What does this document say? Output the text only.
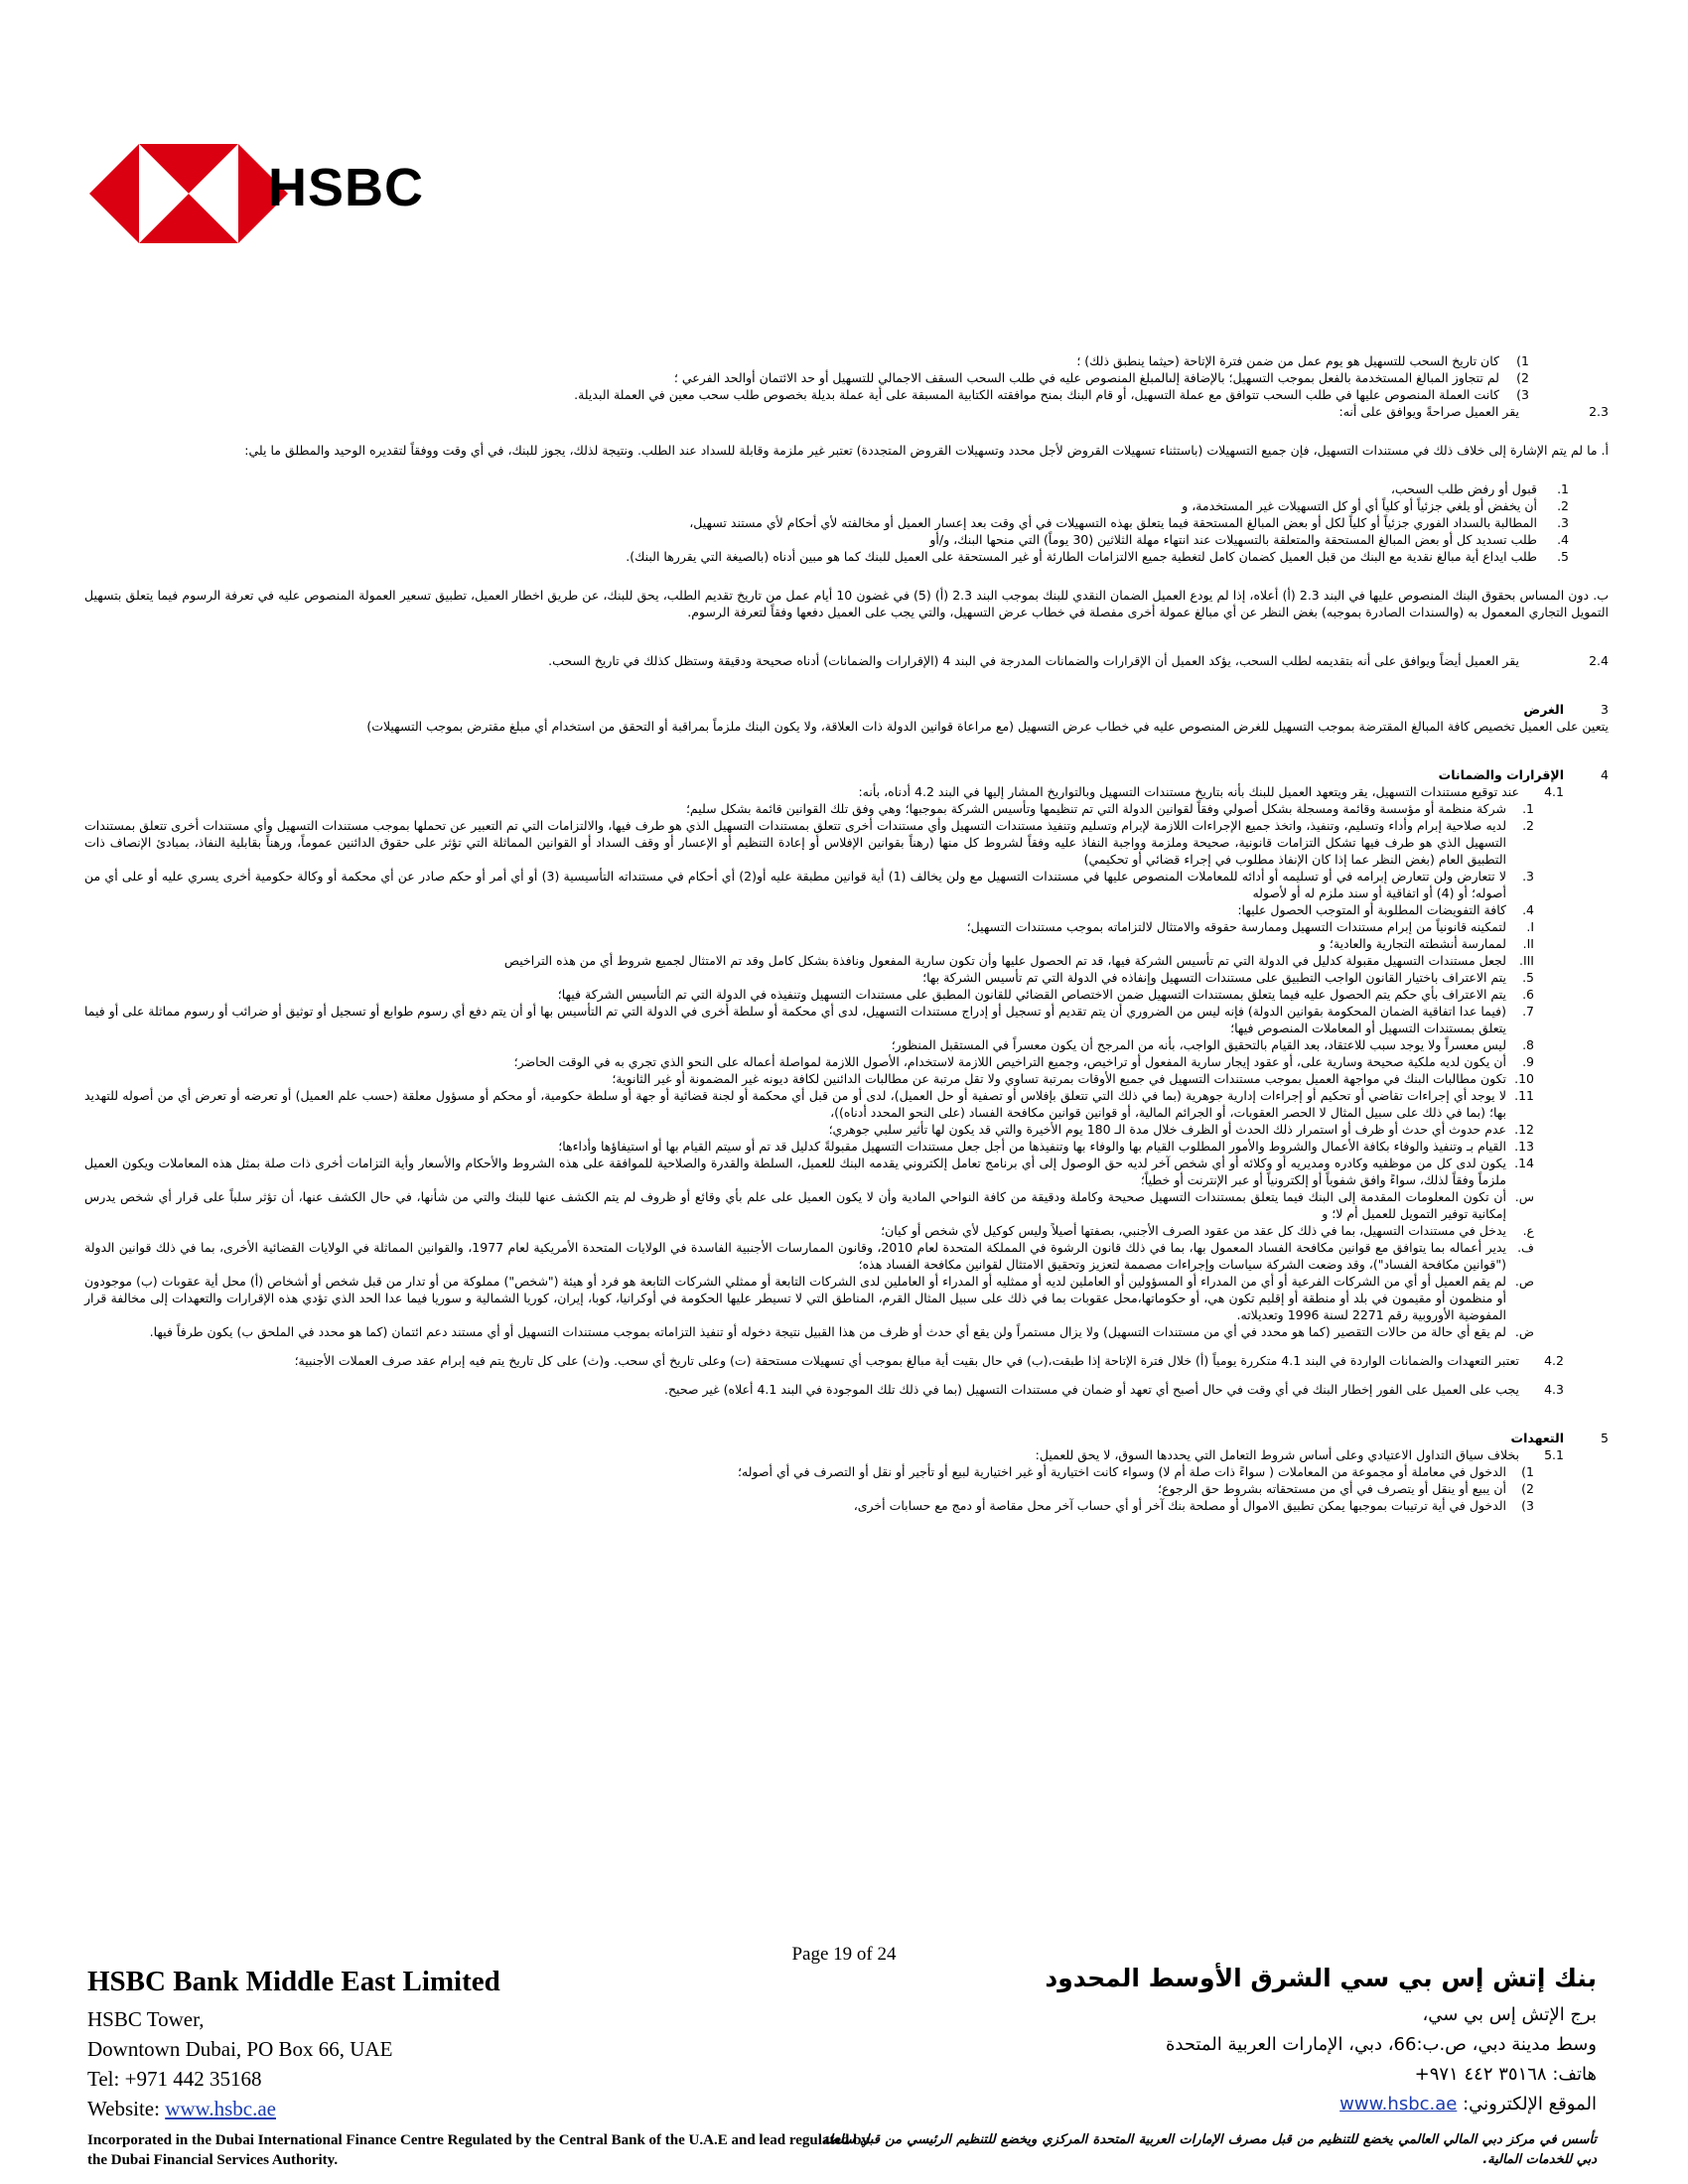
HSBC
1)
كان تاريخ السحب للتسهيل هو يوم عمل من ضمن فترة الإتاحة (حيثما ينطبق ذلك) ؛
2)
لم تتجاوز المبالغ المستخدمة بالفعل بموجب التسهيل؛ بالإضافة إلىالمبلغ المنصوص عليه في طلب السحب السقف الاجمالي للتسهيل أو حد الائتمان أوالحد الفرعي ؛
3)
كانت العملة المنصوص عليها في طلب السحب تتوافق مع عملة التسهيل، أو قام البنك بمنح موافقته الكتابية المسبقة على أية عملة بديلة بخصوص طلب سحب معين في العملة البديلة.
2.3
يقر العميل صراحةً ويوافق على أنه:
أ. ما لم يتم الإشارة إلى خلاف ذلك في مستندات التسهيل، فإن جميع التسهيلات (باستثناء تسهيلات القروض لأجل محدد وتسهيلات القروض المتجددة) تعتبر غير ملزمة وقابلة للسداد عند الطلب. ونتيجة لذلك، يجوز للبنك، في أي وقت ووفقاً لتقديره الوحيد والمطلق ما يلي:
1.
قبول أو رفض طلب السحب،
2.
أن يخفض أو يلغي جزئياً أو كلياً أي أو كل التسهيلات غير المستخدمة، و
3.
المطالبة بالسداد الفوري جزئياً أو كلياً لكل أو بعض المبالغ المستحقة فيما يتعلق بهذه التسهيلات في أي وقت بعد إعسار العميل أو مخالفته لأي أحكام لأي مستند تسهيل،
4.
طلب تسديد كل أو بعض المبالغ المستحقة والمتعلقة بالتسهيلات عند انتهاء مهلة الثلاثين (30 يوماً) التي منحها البنك، و/أو
5.
طلب ايداع أية مبالغ نقدية مع البنك من قبل العميل كضمان كامل لتغطية جميع الالتزامات الطارئة أو غير المستحقة على العميل للبنك كما هو مبين أدناه (بالصيغة التي يقررها البنك).
ب. دون المساس بحقوق البنك المنصوص عليها في البند 2.3 (أ) أعلاه، إذا لم يودع العميل الضمان النقدي للبنك بموجب البند 2.3 (أ) (5) في غضون 10 أيام عمل من تاريخ تقديم الطلب، يحق للبنك، عن طريق اخطار العميل، تطبيق تسعير العمولة المنصوص عليه في تعرفة الرسوم فيما يتعلق بتسهيل التمويل التجاري المعمول به (والسندات الصادرة بموجبه) بغض النظر عن أي مبالغ عمولة أخرى مفصلة في خطاب عرض التسهيل، والتي يجب على العميل دفعها وفقاً لتعرفة الرسوم.
2.4
يقر العميل أيضاً ويوافق على أنه بتقديمه لطلب السحب، يؤكد العميل أن الإقرارات والضمانات المدرجة في البند 4 (الإقرارات والضمانات) أدناه صحيحة ودقيقة وستظل كذلك في تاريخ السحب.
3
الغرض
يتعين على العميل تخصيص كافة المبالغ المقترضة بموجب التسهيل للغرض المنصوص عليه في خطاب عرض التسهيل (مع مراعاة قوانين الدولة ذات العلاقة، ولا يكون البنك ملزماً بمراقبة أو التحقق من استخدام أي مبلغ مقترض بموجب التسهيلات)
4
الإقرارات والضمانات
4.1
عند توقيع مستندات التسهيل، يقر ويتعهد العميل للبنك بأنه بتاريخ مستندات التسهيل وبالتواريخ المشار إليها في البند 4.2 أدناه، بأنه:
1.
شركة منظمة أو مؤسسة وقائمة ومسجلة بشكل أصولي وفقاً لقوانين الدولة التي تم تنظيمها وتأسيس الشركة بموجبها؛ وهي وفق تلك القوانين قائمة بشكل سليم؛
2.
لديه صلاحية إبرام وأداء وتسليم، وتنفيذ، واتخذ جميع الإجراءات اللازمة لإبرام وتسليم وتنفيذ مستندات التسهيل وأي مستندات أخرى تتعلق بمستندات التسهيل الذي هو طرف فيها، والالتزامات التي تم التعبير عن تحملها بموجب مستندات التسهيل وأي مستندات أخرى تتعلق بمستندات التسهيل الذي هو طرف فيها تشكل التزامات قانونية، صحيحة وملزمة وواجبة النفاذ عليه وفقاً لشروط كل منها (رهناً بقوانين الإفلاس أو إعادة التنظيم أو الإعسار أو وقف السداد أو القوانين المماثلة التي تؤثر على حقوق الدائنين عموماً، ورهناً بقابلية النفاذ، بمبادئ الإنصاف ذات التطبيق العام (بغض النظر عما إذا كان الإنفاذ مطلوب في إجراء قضائي أو تحكيمي)
3.
لا تتعارض ولن تتعارض إبرامه في أو تسليمه أو أدائه للمعاملات المنصوص عليها في مستندات التسهيل مع ولن يخالف (1) أية قوانين مطبقة عليه أو(2) أي أحكام في مستنداته التأسيسية (3) أو أي أمر أو حكم صادر عن أي محكمة أو وكالة حكومية أخرى يسري عليه أو على أي من أصوله؛ أو (4) أو اتفاقية أو سند ملزم له أو لأصوله
4.
كافة التفويضات المطلوبة أو المتوجب الحصول عليها:
I.
لتمكينه قانونياً من إبرام مستندات التسهيل وممارسة حقوقه والامتثال لالتزاماته بموجب مستندات التسهيل؛
II.
لممارسة أنشطته التجارية والعادية؛ و
III.
لجعل مستندات التسهيل مقبولة كدليل في الدولة التي تم تأسيس الشركة فيها، قد تم الحصول عليها وأن تكون سارية المفعول ونافذة بشكل كامل وقد تم الامتثال لجميع شروط أي من هذه التراخيص
5.
يتم الاعتراف باختيار القانون الواجب التطبيق على مستندات التسهيل وإنفاذه في الدولة التي تم تأسيس الشركة بها؛
6.
يتم الاعتراف بأي حكم يتم الحصول عليه فيما يتعلق بمستندات التسهيل ضمن الاختصاص القضائي للقانون المطبق على مستندات التسهيل وتنفيذه في الدولة التي تم التأسيس الشركة فيها؛
7.
(فيما عدا اتفاقية الضمان المحكومة بقوانين الدولة) فإنه ليس من الضروري أن يتم تقديم أو تسجيل أو إدراج مستندات التسهيل، لدى أي محكمة أو سلطة أخرى في الدولة التي تم التأسيس بها أو أن يتم دفع أي رسوم طوابع أو تسجيل أو توثيق أو ضرائب أو رسوم مماثلة على أو فيما يتعلق بمستندات التسهيل أو المعاملات المنصوص فيها؛
8.
ليس معسراً ولا يوجد سبب للاعتقاد، بعد القيام بالتحقيق الواجب، بأنه من المرجح أن يكون معسراً في المستقبل المنظور؛
9.
أن يكون لديه ملكية صحيحة وسارية على، أو عقود إيجار سارية المفعول أو تراخيص، وجميع التراخيص اللازمة لاستخدام، الأصول اللازمة لمواصلة أعماله على النحو الذي تجري به في الوقت الحاضر؛
10.
تكون مطالبات البنك في مواجهة العميل بموجب مستندات التسهيل في جميع الأوقات بمرتبة تساوي ولا تقل مرتبة عن مطالبات الدائنين لكافة ديونه غير المضمونة أو غير الثانوية؛
11.
لا يوجد أي إجراءات تقاضي أو تحكيم أو إجراءات إدارية جوهرية (بما في ذلك التي تتعلق بإفلاس أو تصفية أو حل العميل)، لدى أو من قبل أي محكمة أو لجنة قضائية أو جهة أو سلطة حكومية، أو محكم أو مسؤول معلقة (حسب علم العميل) أو تعرضه أو تعرض أي من أصوله للتهديد بها؛ (بما في ذلك على سبيل المثال لا الحصر العقوبات، أو الجرائم المالية، أو قوانين قوانين مكافحة الفساد (على النحو المحدد أدناه))،
12.
عدم حدوث أي حدث أو ظرف أو استمرار ذلك الحدث أو الظرف خلال مدة الـ 180 يوم الأخيرة والتي قد يكون لها تأثير سلبي جوهري؛
13.
القيام بـ وتنفيذ والوفاء بكافة الأعمال والشروط والأمور المطلوب القيام بها والوفاء بها وتنفيذها من أجل جعل مستندات التسهيل مقبولةً كدليل قد تم أو سيتم القيام بها أو استيفاؤها وأداءها؛
14.
يكون لدى كل من موظفيه وكادره ومديريه أو وكلائه أو أي شخص آخر لديه حق الوصول إلى أي برنامج تعامل إلكتروني يقدمه البنك للعميل، السلطة والقدرة والصلاحية للموافقة على هذه الشروط والأحكام والأسعار وأية التزامات أخرى ذات صلة بمثل هذه المعاملات ويكون العميل ملزماً وفقاً لذلك، سواءً وافق شفوياً أو إلكترونياً أو عبر الإنترنت أو خطياً؛
س.
أن تكون المعلومات المقدمة إلى البنك فيما يتعلق بمستندات التسهيل صحيحة وكاملة ودقيقة من كافة النواحي المادية وأن لا يكون العميل على علم بأي وقائع أو ظروف لم يتم الكشف عنها للبنك والتي من شأنها، في حال الكشف عنها، أن تؤثر سلباً على قرار أي شخص يدرس إمكانية توفير التمويل للعميل أم لا؛ و
ع.
يدخل في مستندات التسهيل، بما في ذلك كل عقد من عقود الصرف الأجنبي، بصفتها أصيلاً وليس كوكيل لأي شخص أو كيان؛
ف.
يدير أعماله بما يتوافق مع قوانين مكافحة الفساد المعمول بها، بما في ذلك قانون الرشوة في المملكة المتحدة لعام 2010، وقانون الممارسات الأجنبية الفاسدة في الولايات المتحدة الأمريكية لعام 1977، والقوانين المماثلة في الولايات القضائية الأخرى، بما في ذلك قوانين الدولة ("قوانين مكافحة الفساد")، وقد وضعت الشركة سياسات وإجراءات مصممة لتعزيز وتحقيق الامتثال لقوانين مكافحة الفساد هذه؛
ص.
لم يقم العميل أو أي من الشركات الفرعية أو أي من المدراء أو المسؤولين أو العاملين لديه أو ممثليه أو المدراء أو العاملين لدى الشركات التابعة أو ممثلي الشركات التابعة هو فرد أو هيئة ("شخص") مملوكة من أو تدار من قبل شخص أو أشخاص (أ) محل أية عقوبات (ب) موجودون أو منظمون أو مقيمون في بلد أو منطقة أو إقليم تكون هي، أو حكوماتها،محل عقوبات بما في ذلك على سبيل المثال القرم، المناطق التي لا تسيطر عليها الحكومة في أوكرانيا، كوبا، إيران، كوريا الشمالية و سوريا فيما عدا الحد الذي تؤدي هذه الإقرارات والتعهدات إلى مخالفة قرار المفوضية الأوروبية رقم 2271 لسنة 1996 وتعديلاته.
ض.
لم يقع أي حالة من حالات التقصير (كما هو محدد في أي من مستندات التسهيل) ولا يزال مستمراً ولن يقع أي حدث أو ظرف من هذا القبيل نتيجة دخوله أو تنفيذ التزاماته بموجب مستندات التسهيل أو أي مستند دعم ائتمان (كما هو محدد في الملحق ب) يكون طرفاً فيها.
4.2
تعتبر التعهدات والضمانات الواردة في البند 4.1 متكررة يومياً (أ) خلال فترة الإتاحة إذا طبقت،(ب) في حال بقيت أية مبالغ بموجب أي تسهيلات مستحقة (ت) وعلى تاريخ أي سحب. و(ث) على كل تاريخ يتم فيه إبرام عقد صرف العملات الأجنبية؛
4.3
يجب على العميل على الفور إخطار البنك في أي وقت في حال أصبح أي تعهد أو ضمان في مستندات التسهيل (بما في ذلك تلك الموجودة في البند 4.1 أعلاه) غير صحيح.
5
التعهدات
5.1
بخلاف سياق التداول الاعتيادي وعلى أساس شروط التعامل التي يحددها السوق، لا يحق للعميل:
1)
الدخول في معاملة أو مجموعة من المعاملات ( سواءً ذات صلة أم لا) وسواء كانت اختيارية أو غير اختيارية لبيع أو تأجير أو نقل أو التصرف في أي أصوله؛
2)
أن يبيع أو ينقل أو يتصرف في أي من مستحقاته بشروط حق الرجوع؛
3)
الدخول في أية ترتيبات بموجبها يمكن تطبيق الاموال أو مصلحة بنك آخر أو أي حساب آخر محل مقاصة أو دمج مع حسابات أخرى،
Page 19 of 24
HSBC Bank Middle East Limited
HSBC Tower,
Downtown Dubai, PO Box 66, UAE
Tel: +971 442 35168
Website: www.hsbc.ae
بنك إتش إس بي سي الشرق الأوسط المحدود
برج الإتش إس بي سي،
وسط مدينة دبي، ص.ب:66، دبي، الإمارات العربية المتحدة
هاتف: ٣٥١٦٨ ٤٤٢ ٩٧١+
الموقع الإلكتروني: www.hsbc.ae
Incorporated in the Dubai International Finance Centre Regulated by the Central Bank of the U.A.E and lead regulated by the Dubai Financial Services Authority.
تأسس في مركز دبي المالي العالمي يخضع للتنظيم من قبل مصرف الإمارات العربية المتحدة المركزي ويخضع للتنظيم الرئيسي من قبل سلطة دبي للخدمات المالية.
